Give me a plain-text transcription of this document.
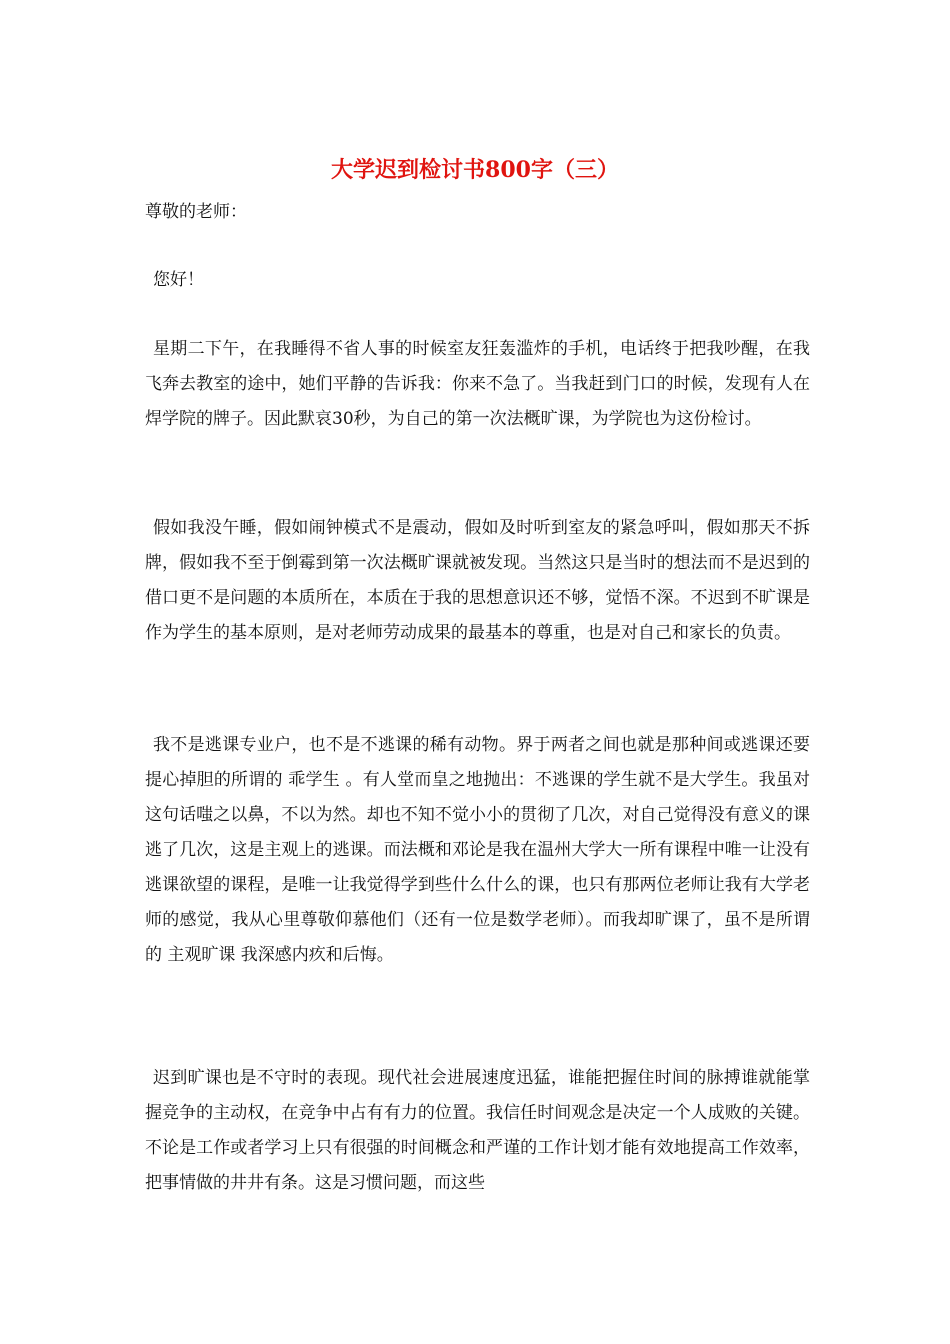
大学迟到检讨书800字（三）
尊敬的老师：
您好！

星期二下午，在我睡得不省人事的时候室友狂轰滥炸的手机，电话终于把我吵醒，在我飞奔去教室的途中，她们平静的告诉我：你来不急了。当我赶到门口的时候，发现有人在焊学院的牌子。因此默哀30秒，为自己的第一次法概旷课，为学院也为这份检讨。

假如我没午睡，假如闹钟模式不是震动，假如及时听到室友的紧急呼叫，假如那天不拆牌，假如我不至于倒霉到第一次法概旷课就被发现。当然这只是当时的想法而不是迟到的借口更不是问题的本质所在，本质在于我的思想意识还不够，觉悟不深。不迟到不旷课是作为学生的基本原则，是对老师劳动成果的最基本的尊重，也是对自己和家长的负责。

我不是逃课专业户，也不是不逃课的稀有动物。界于两者之间也就是那种间或逃课还要提心掉胆的所谓的 乖学生 。有人堂而皇之地抛出：不逃课的学生就不是大学生。我虽对这句话嗤之以鼻，不以为然。却也不知不觉小小的贯彻了几次，对自己觉得没有意义的课逃了几次，这是主观上的逃课。而法概和邓论是我在温州大学大一所有课程中唯一让没有逃课欲望的课程，是唯一让我觉得学到些什么什么的课，也只有那两位老师让我有大学老师的感觉，我从心里尊敬仰慕他们（还有一位是数学老师）。而我却旷课了，虽不是所谓的 主观旷课 我深感内疚和后悔。

迟到旷课也是不守时的表现。现代社会进展速度迅猛，谁能把握住时间的脉搏谁就能掌握竞争的主动权，在竞争中占有有力的位置。我信任时间观念是决定一个人成败的关键。不论是工作或者学习上只有很强的时间概念和严谨的工作计划才能有效地提高工作效率，把事情做的井井有条。这是习惯问题，而这些
